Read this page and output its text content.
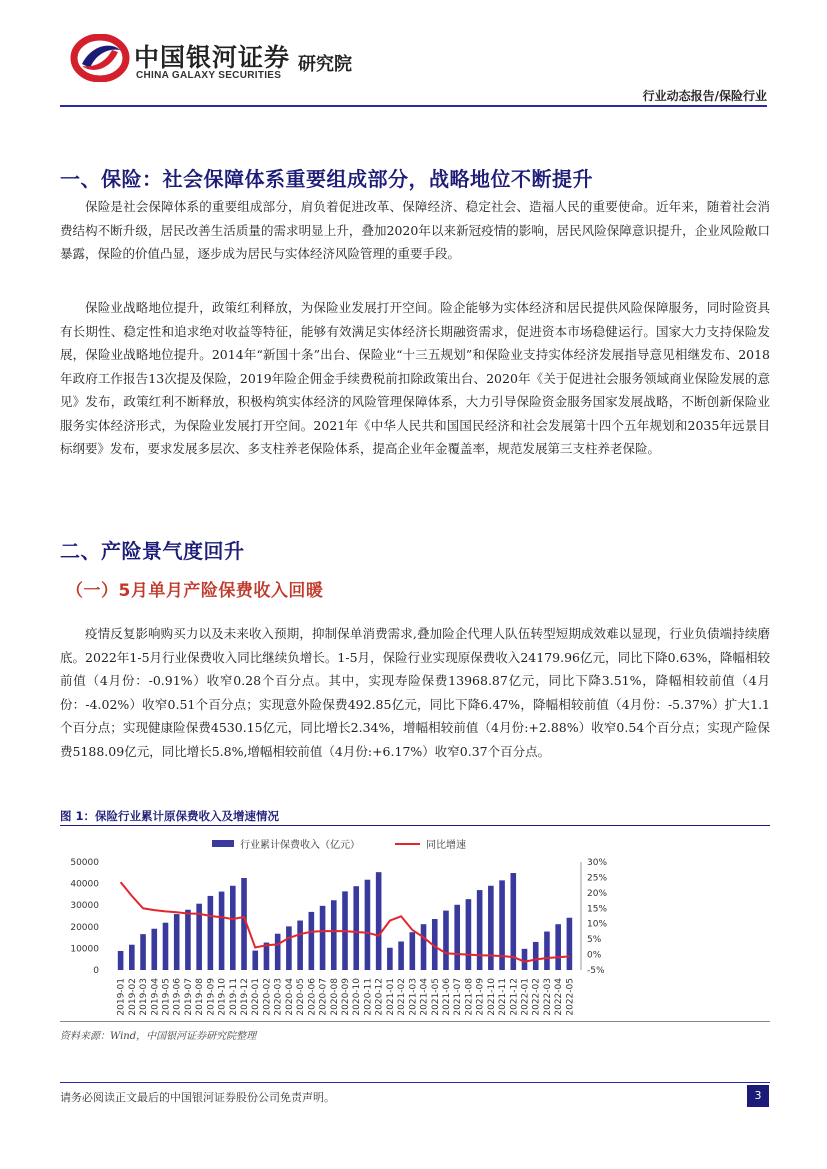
中国银河证券
CHINA GALAXY SECURITIES
研究院
行业动态报告/保险行业
一、保险：社会保障体系重要组成部分，战略地位不断提升

保险是社会保障体系的重要组成部分，肩负着促进改革、保障经济、稳定社会、造福人民的重要使命。近年来，随着社会消费结构不断升级，居民改善生活质量的需求明显上升，叠加2020年以来新冠疫情的影响，居民风险保障意识提升，企业风险敞口暴露，保险的价值凸显，逐步成为居民与实体经济风险管理的重要手段。

保险业战略地位提升，政策红利释放，为保险业发展打开空间。险企能够为实体经济和居民提供风险保障服务，同时险资具有长期性、稳定性和追求绝对收益等特征，能够有效满足实体经济长期融资需求，促进资本市场稳健运行。国家大力支持保险发展，保险业战略地位提升。2014年“新国十条”出台、保险业“十三五规划”和保险业支持实体经济发展指导意见相继发布、2018年政府工作报告13次提及保险，2019年险企佣金手续费税前扣除政策出台、2020年《关于促进社会服务领域商业保险发展的意见》发布，政策红利不断释放，积极构筑实体经济的风险管理保障体系，大力引导保险资金服务国家发展战略，不断创新保险业服务实体经济形式，为保险业发展打开空间。2021年《中华人民共和国国民经济和社会发展第十四个五年规划和2035年远景目标纲要》发布，要求发展多层次、多支柱养老保险体系，提高企业年金覆盖率，规范发展第三支柱养老保险。

二、产险景气度回升
（一）5月单月产险保费收入回暖

疫情反复影响购买力以及未来收入预期，抑制保单消费需求,叠加险企代理人队伍转型短期成效难以显现，行业负债端持续磨底。2022年1-5月行业保费收入同比继续负增长。1-5月，保险行业实现原保费收入24179.96亿元，同比下降0.63%，降幅相较前值（4月份：-0.91%）收窄0.28个百分点。其中，实现寿险保费13968.87亿元，同比下降3.51%，降幅相较前值（4月份：-4.02%）收窄0.51个百分点；实现意外险保费492.85亿元，同比下降6.47%，降幅相较前值（4月份：-5.37%）扩大1.1个百分点；实现健康险保费4530.15亿元，同比增长2.34%，增幅相较前值（4月份:+2.88%）收窄0.54个百分点；实现产险保费5188.09亿元，同比增长5.8%,增幅相较前值（4月份:+6.17%）收窄0.37个百分点。

图 1：保险行业累计原保费收入及增速情况
行业累计保费收入（亿元）	同比增速
0
10000
20000
30000
40000
50000	30%
25%
20%
15%
10%
5%
0%
-5%
2019-01 2019-02 2019-03 2019-04 2019-05 2019-06 2019-07 2019-08 2019-09 2019-10 2019-11 2019-12 2020-01 2020-02 2020-03 2020-04 2020-05 2020-06 2020-07 2020-08 2020-09 2020-10 2020-11 2020-12 2021-01 2021-02 2021-03 2021-04 2021-05 2021-06 2021-07 2021-08 2021-09 2021-10 2021-11 2021-12 2022-01 2022-02 2022-03 2022-04 2022-05
资料来源：Wind，中国银河证券研究院整理
请务必阅读正文最后的中国银河证券股份公司免责声明。	3
